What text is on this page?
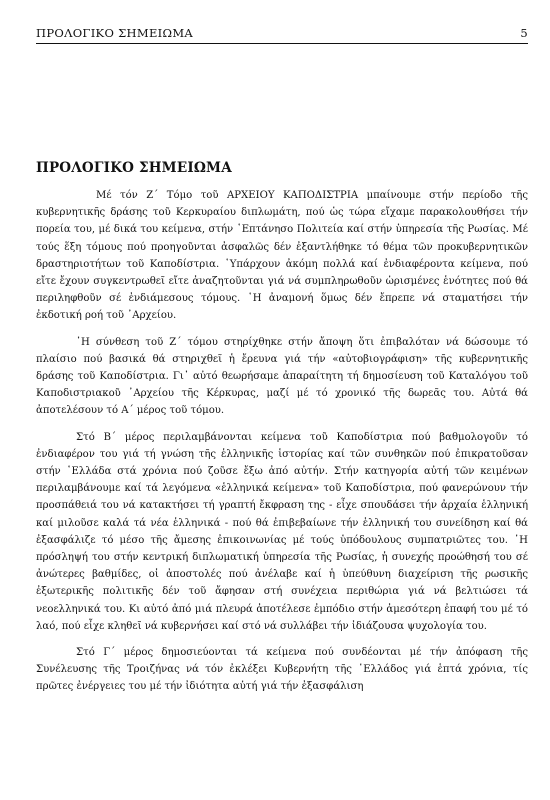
ΠΡΟΛΟΓΙΚΟ ΣΗΜΕΙΩΜΑ	5
ΠΡΟΛΟΓΙΚΟ ΣΗΜΕΙΩΜΑ

Μέ τόν Ζ΄ Τόμο τοῦ ΑΡΧΕΙΟΥ ΚΑΠΟΔΙΣΤΡΙΑ μπαίνουμε στήν περίοδο τῆς κυβερνητικῆς δράσης τοῦ Κερκυραίου διπλωμάτη, πού ὡς τώρα εἴχαμε παρακολουθήσει τήν πορεία του, μέ δικά του κείμενα, στήν ῾Επτάνησο Πολιτεία καί στήν ὑπηρεσία τῆς Ρωσίας. Μέ τούς ἕξη τόμους πού προηγοῦνται ἀσφαλῶς δέν ἐξαντλήθηκε τό θέμα τῶν προκυβερνητικῶν δραστηριοτήτων τοῦ Καποδίστρια. ῾Υπάρχουν ἀκόμη πολλά καί ἐνδιαφέροντα κείμενα, πού εἴτε ἔχουν συγκεντρωθεῖ εἴτε ἀναζητοῦνται γιά νά συμπληρωθοῦν ὡρισμένες ἑνότητες πού θά περιληφθοῦν σέ ἐνδιάμεσους τόμους. ῾Η ἀναμονή ὅμως δέν ἔπρεπε νά σταματήσει τήν ἐκδοτική ροή τοῦ ᾿Αρχείου.

῾Η σύνθεση τοῦ Ζ΄ τόμου στηρίχθηκε στήν ἄποψη ὅτι ἐπιβαλόταν νά δώσουμε τό πλαίσιο πού βασικά θά στηριχθεῖ ἡ ἔρευνα γιά τήν «αὐτοβιογράφιση» τῆς κυβερνητικῆς δράσης τοῦ Καποδίστρια. Γι᾿ αὐτό θεωρήσαμε ἀπαραίτητη τή δημοσίευση τοῦ Καταλόγου τοῦ Καποδιστριακοῦ ᾿Αρχείου τῆς Κέρκυρας, μαζί μέ τό χρονικό τῆς δωρεᾶς του. Αὐτά θά ἀποτελέσουν τό Α΄ μέρος τοῦ τόμου.

Στό Β΄ μέρος περιλαμβάνονται κείμενα τοῦ Καποδίστρια πού βαθμολογοῦν τό ἐνδιαφέρον του γιά τή γνώση τῆς ἑλληνικῆς ἱστορίας καί τῶν συνθηκῶν πού ἐπικρατοῦσαν στήν ῾Ελλάδα στά χρόνια πού ζοῦσε ἔξω ἀπό αὐτήν. Στήν κατηγορία αὐτή τῶν κειμένων περιλαμβάνουμε καί τά λεγόμενα «ἑλληνικά κείμενα» τοῦ Καποδίστρια, πού φανερώνουν τήν προσπάθειά του νά κατακτήσει τή γραπτή ἔκφραση της - εἶχε σπουδάσει τήν ἀρχαία ἑλληνική καί μιλοῦσε καλά τά νέα ἑλληνικά - πού θά ἐπιβεβαίωνε τήν ἑλληνική του συνείδηση καί θά ἐξασφάλιζε τό μέσο τῆς ἄμεσης ἐπικοινωνίας μέ τούς ὑπόδουλους συμπατριῶτες του. ῾Η πρόσληψή του στήν κεντρική διπλωματική ὑπηρεσία τῆς Ρωσίας, ἡ συνεχής προώθησή του σέ ἀνώτερες βαθμίδες, οἱ ἀποστολές πού ἀνέλαβε καί ἡ ὑπεύθυνη διαχείριση τῆς ρωσικῆς ἐξωτερικῆς πολιτικῆς δέν τοῦ ἄφησαν στή συνέχεια περιθώρια γιά νά βελτιώσει τά νεοελληνικά του. Κι αὐτό ἀπό μιά πλευρά ἀποτέλεσε ἐμπόδιο στήν ἀμεσότερη ἐπαφή του μέ τό λαό, πού εἶχε κληθεῖ νά κυβερνήσει καί στό νά συλλάβει τήν ἰδιάζουσα ψυχολογία του.

Στό Γ΄ μέρος δημοσιεύονται τά κείμενα πού συνδέονται μέ τήν ἀπόφαση τῆς Συνέλευσης τῆς Τροιζήνας νά τόν ἐκλέξει Κυβερνήτη τῆς ῾Ελλάδος γιά ἑπτά χρόνια, τίς πρῶτες ἐνέργειες του μέ τήν ἰδιότητα αὐτή γιά τήν ἐξασφάλιση
